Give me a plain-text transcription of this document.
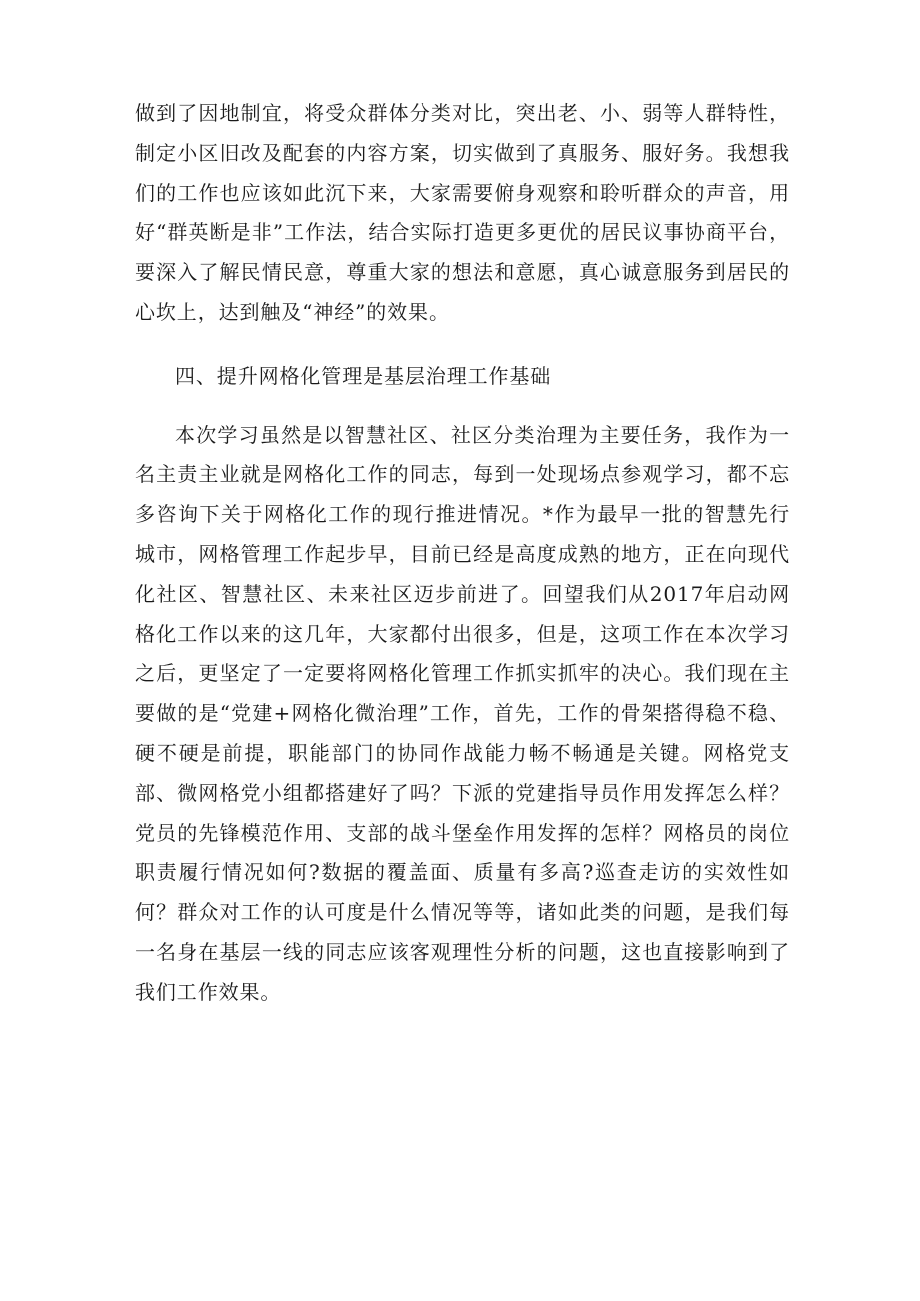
做到了因地制宜，将受众群体分类对比，突出老、小、弱等人群特性，制定小区旧改及配套的内容方案，切实做到了真服务、服好务。我想我们的工作也应该如此沉下来，大家需要俯身观察和聆听群众的声音，用好“群英断是非”工作法，结合实际打造更多更优的居民议事协商平台，要深入了解民情民意，尊重大家的想法和意愿，真心诚意服务到居民的心坎上，达到触及“神经”的效果。

四、提升网格化管理是基层治理工作基础

本次学习虽然是以智慧社区、社区分类治理为主要任务，我作为一名主责主业就是网格化工作的同志，每到一处现场点参观学习，都不忘多咨询下关于网格化工作的现行推进情况。*作为最早一批的智慧先行城市，网格管理工作起步早，目前已经是高度成熟的地方，正在向现代化社区、智慧社区、未来社区迈步前进了。回望我们从2017年启动网格化工作以来的这几年，大家都付出很多，但是，这项工作在本次学习之后，更坚定了一定要将网格化管理工作抓实抓牢的决心。我们现在主要做的是“党建+网格化微治理”工作，首先，工作的骨架搭得稳不稳、硬不硬是前提，职能部门的协同作战能力畅不畅通是关键。网格党支部、微网格党小组都搭建好了吗？下派的党建指导员作用发挥怎么样？党员的先锋模范作用、支部的战斗堡垒作用发挥的怎样？网格员的岗位职责履行情况如何?数据的覆盖面、质量有多高?巡查走访的实效性如何？群众对工作的认可度是什么情况等等，诸如此类的问题，是我们每一名身在基层一线的同志应该客观理性分析的问题，这也直接影响到了我们工作效果。
